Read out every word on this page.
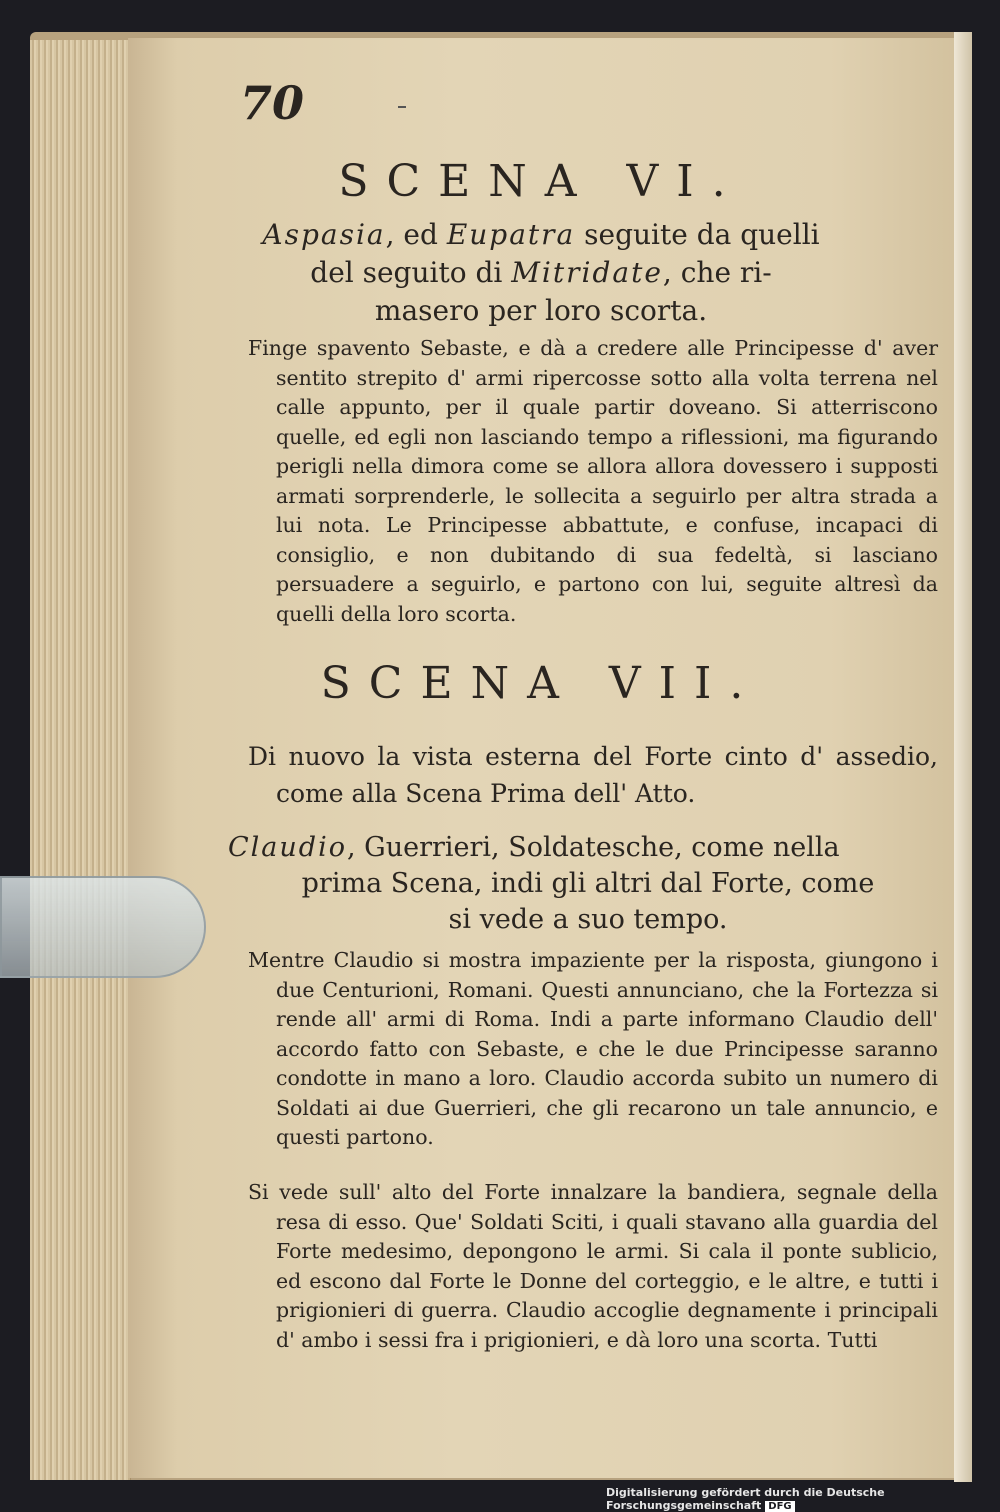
70
SCENA VI.
Aspasia, ed Eupatra seguite da quelli
del seguito di Mitridate, che ri-
masero per loro scorta.
Finge spavento Sebaste, e dà a credere alle Principesse d' aver sentito strepito d' armi ripercosse sotto alla volta terrena nel calle appunto, per il quale partir doveano. Si atterriscono quelle, ed egli non lasciando tempo a riflessioni, ma figurando perigli nella dimora come se allora allora dovessero i supposti armati sorprenderle, le sollecita a seguirlo per altra strada a lui nota. Le Principesse abbattute, e confuse, incapaci di consiglio, e non dubitando di sua fedeltà, si lasciano persuadere a seguirlo, e partono con lui, seguite altresì da quelli della loro scorta.
SCENA VII.
Di nuovo la vista esterna del Forte cinto d' assedio, come alla Scena Prima dell' Atto.
Claudio, Guerrieri, Soldatesche, come nella
prima Scena, indi gli altri dal Forte, come
si vede a suo tempo.
Mentre Claudio si mostra impaziente per la risposta, giungono i due Centurioni, Romani. Questi annunciano, che la Fortezza si rende all' armi di Roma. Indi a parte informano Claudio dell' accordo fatto con Sebaste, e che le due Principesse saranno condotte in mano a loro. Claudio accorda subito un numero di Soldati ai due Guerrieri, che gli recarono un tale annuncio, e questi partono.
Si vede sull' alto del Forte innalzare la bandiera, segnale della resa di esso. Que' Soldati Sciti, i quali stavano alla guardia del Forte medesimo, depongono le armi. Si cala il ponte sublicio, ed escono dal Forte le Donne del corteggio, e le altre, e tutti i prigionieri di guerra. Claudio accoglie degnamente i principali d' ambo i sessi fra i prigionieri, e dà loro una scorta. Tutti
Digitalisierung gefördert durch die Deutsche Forschungsgemeinschaft DFG
